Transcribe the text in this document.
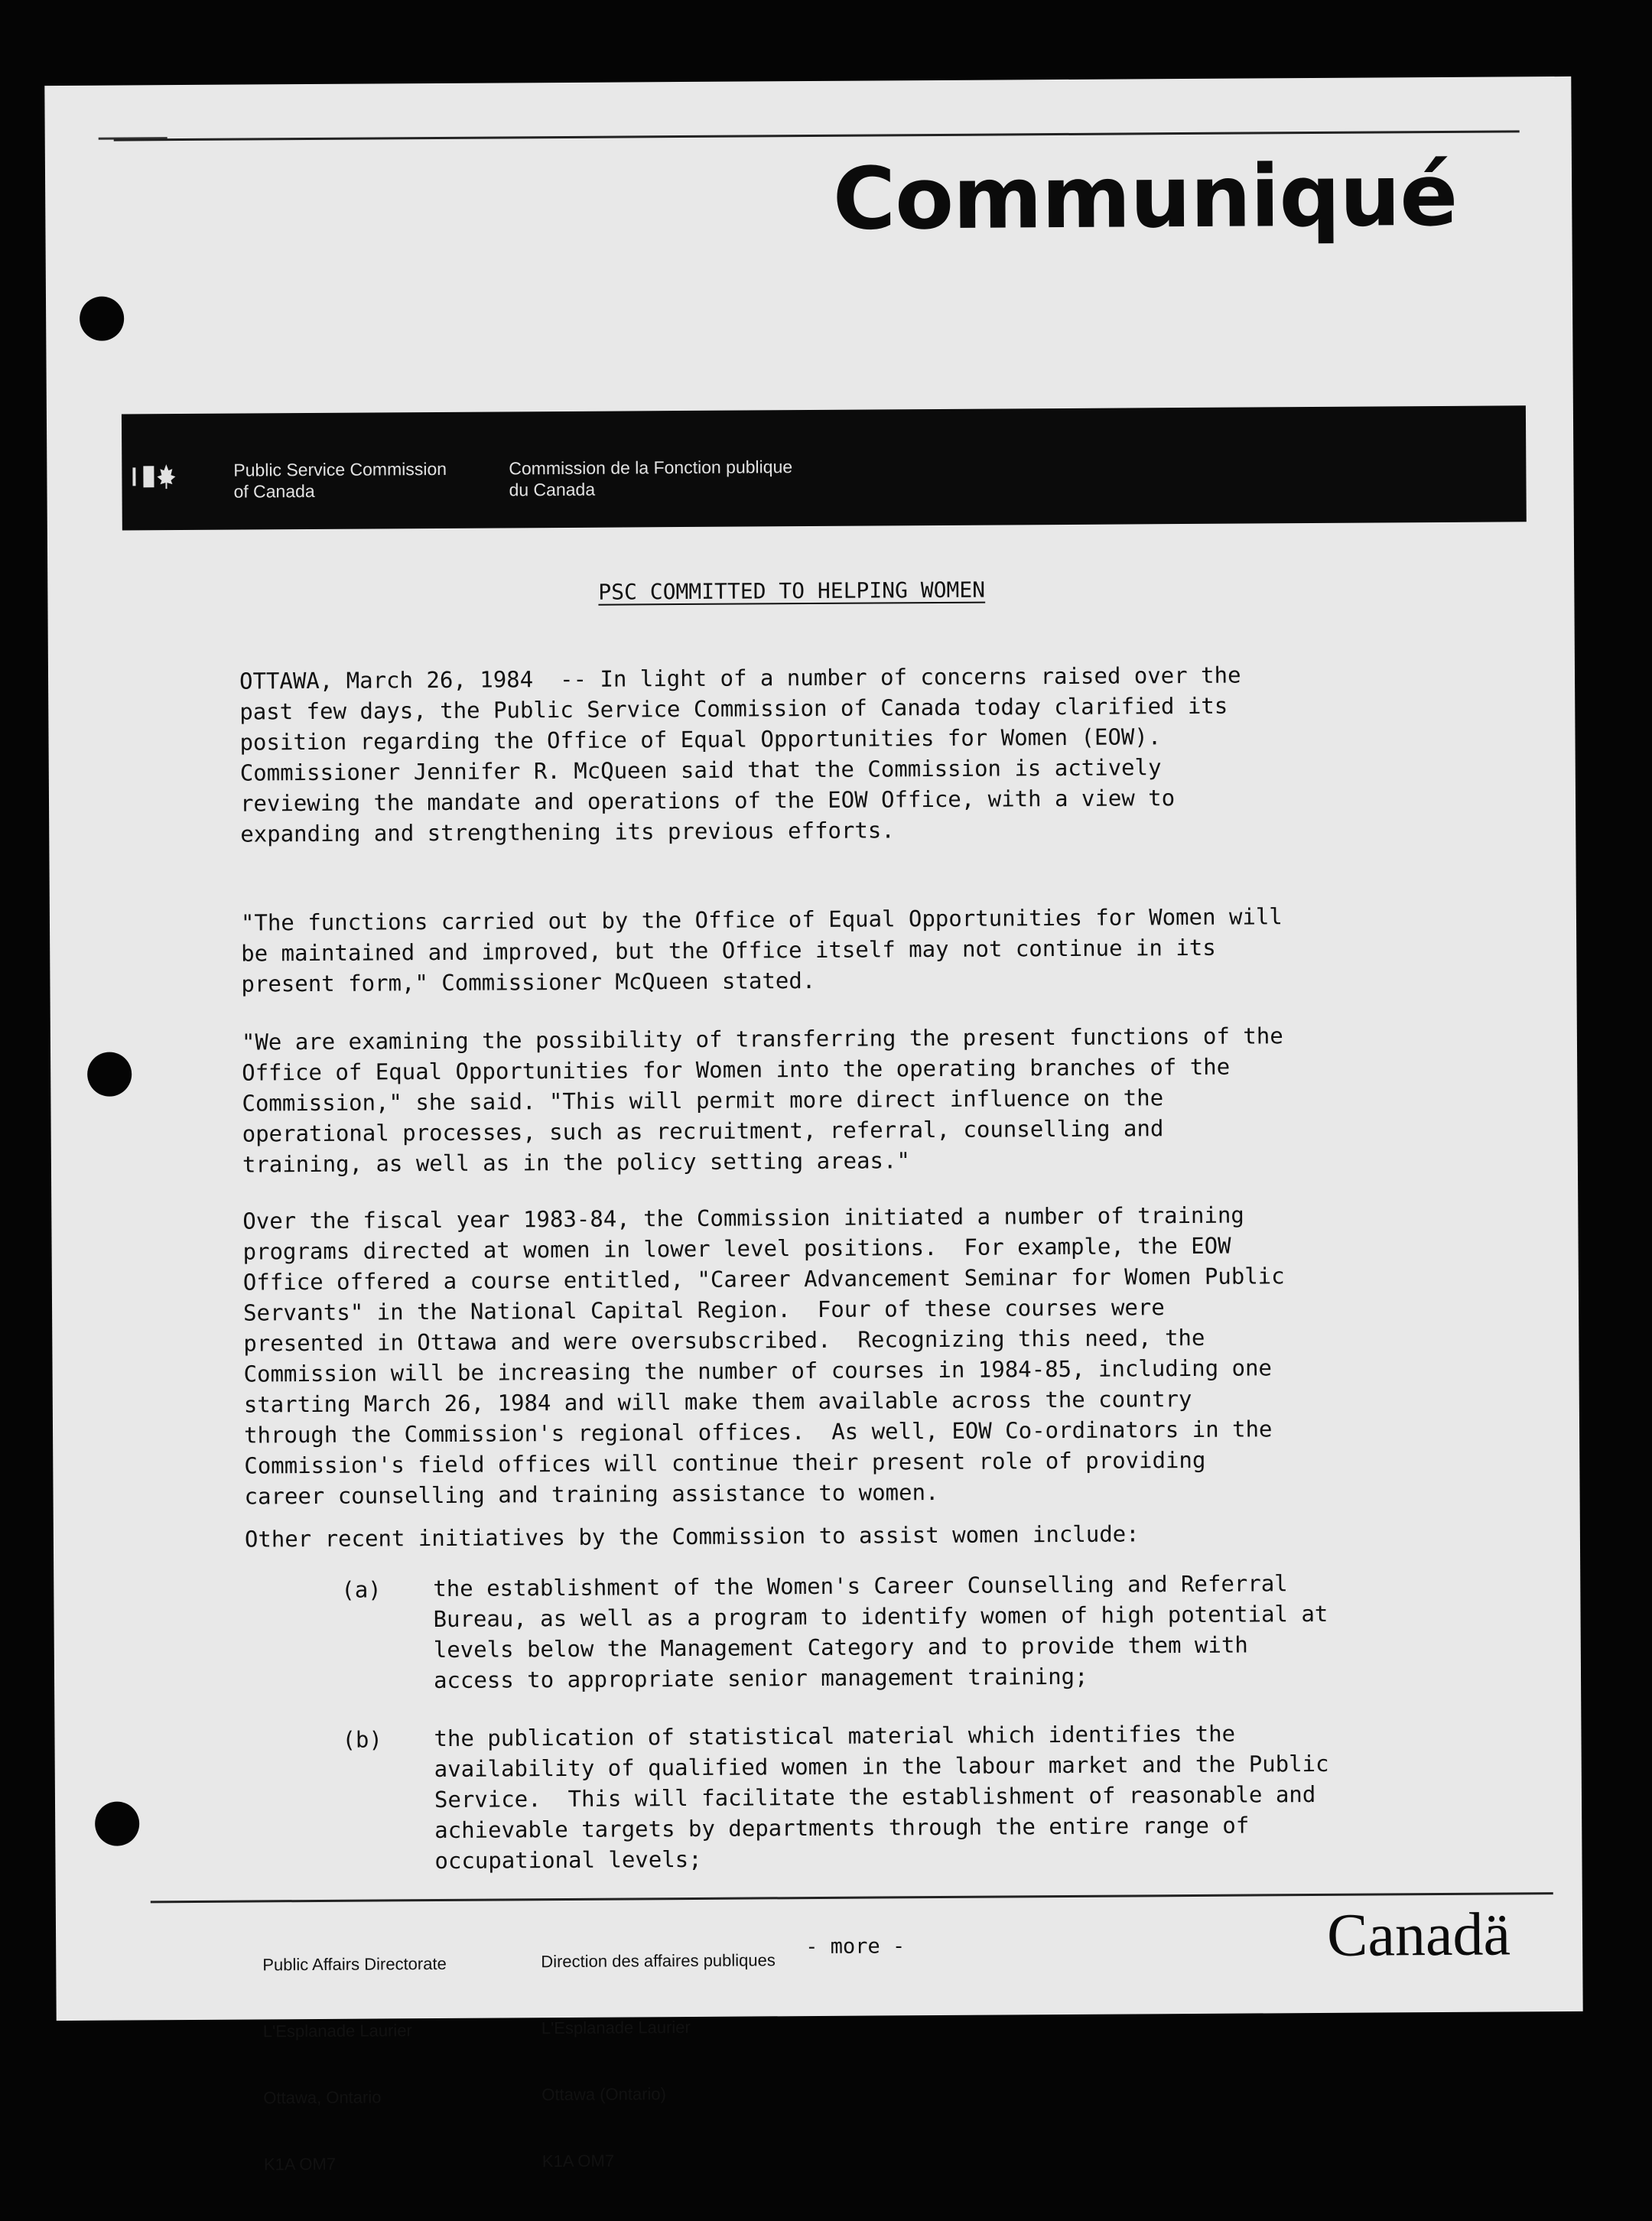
Communiqué
Public Service Commission
of Canada
Commission de la Fonction publique
du Canada
PSC COMMITTED TO HELPING WOMEN
OTTAWA, March 26, 1984  -- In light of a number of concerns raised over the
past few days, the Public Service Commission of Canada today clarified its
position regarding the Office of Equal Opportunities for Women (EOW).
Commissioner Jennifer R. McQueen said that the Commission is actively
reviewing the mandate and operations of the EOW Office, with a view to
expanding and strengthening its previous efforts.
"The functions carried out by the Office of Equal Opportunities for Women will
be maintained and improved, but the Office itself may not continue in its
present form," Commissioner McQueen stated.
"We are examining the possibility of transferring the present functions of the
Office of Equal Opportunities for Women into the operating branches of the
Commission," she said. "This will permit more direct influence on the
operational processes, such as recruitment, referral, counselling and
training, as well as in the policy setting areas."
Over the fiscal year 1983-84, the Commission initiated a number of training
programs directed at women in lower level positions.  For example, the EOW
Office offered a course entitled, "Career Advancement Seminar for Women Public
Servants" in the National Capital Region.  Four of these courses were
presented in Ottawa and were oversubscribed.  Recognizing this need, the
Commission will be increasing the number of courses in 1984-85, including one
starting March 26, 1984 and will make them available across the country
through the Commission's regional offices.  As well, EOW Co-ordinators in the
Commission's field offices will continue their present role of providing
career counselling and training assistance to women.
Other recent initiatives by the Commission to assist women include:
(a) the establishment of the Women's Career Counselling and Referral
Bureau, as well as a program to identify women of high potential at
levels below the Management Category and to provide them with
access to appropriate senior management training;
(b) the publication of statistical material which identifies the
availability of qualified women in the labour market and the Public
Service.  This will facilitate the establishment of reasonable and
achievable targets by departments through the entire range of
occupational levels;

Public Affairs Directorate

L'Esplanade Laurier

Ottawa, Ontario

K1A OM7

Direction des affaires publiques

L'Esplanade Laurier

Ottawa (Ontario)

K1A OM7

- more -	Canadä
